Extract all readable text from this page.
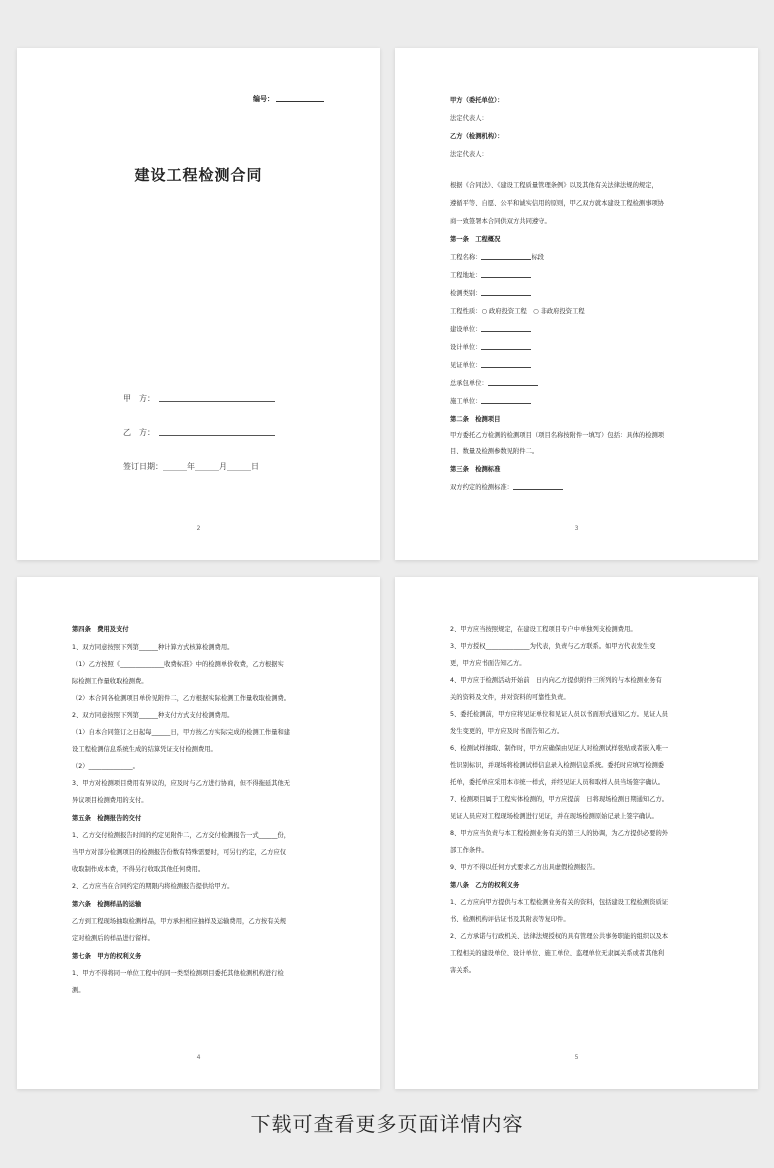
编号：
建设工程检测合同
甲　方：
乙　方：
签订日期：______年______月______日
2

甲方（委托单位）：

法定代表人：

乙方（检测机构）：

法定代表人：

根据《合同法》、《建设工程质量管理条例》以及其他有关法律法规的规定，

遵循平等、自愿、公平和诚实信用的原则，甲乙双方就本建设工程检测事项协

商一致签署本合同供双方共同遵守。

第一条　工程概况

工程名称：	标段

工程地址：

检测类别：

工程性质：○ 政府投资工程　○ 非政府投资工程

建设单位：

设计单位：

见证单位：

总承包单位：

施工单位：

第二条　检测项目

甲方委托乙方检测的检测项目（项目名称按附件一填写）包括：具体的检测项

目、数量及检测参数见附件二。

第三条　检测标准

双方约定的检测标准：

3

第四条　费用及支付

1、双方同意按照下列第______种计算方式核算检测费用。

（1）乙方按照《______________收费标准》中的检测单价收费，乙方根据实

际检测工作量收取检测费。

（2）本合同各检测项目单价见附件二，乙方根据实际检测工作量收取检测费。

2、双方同意按照下列第______种支付方式支付检测费用。

（1）自本合同签订之日起每______日，甲方按乙方实际完成的检测工作量和建

设工程检测信息系统生成的结算凭证支付检测费用。

（2）______________。

3、甲方对检测项目费用有异议的，应及时与乙方进行协商，但不得拖延其他无

异议项目检测费用的支付。

第五条　检测报告的交付

1、乙方交付检测报告时间的约定见附件二，乙方交付检测报告一式______份，

当甲方对部分检测项目的检测报告份数有特殊需要时，可另行约定，乙方应仅

收取制作成本费，不得另行收取其他任何费用。

2、乙方应当在合同约定的期限内将检测报告提供给甲方。

第六条　检测样品的运输

乙方到工程现场抽取检测样品，甲方承担相应抽样及运输费用，乙方按有关规

定对检测后的样品进行留样。

第七条　甲方的权利义务

1、甲方不得将同一单位工程中的同一类型检测项目委托其他检测机构进行检

测。

4

2、甲方应当按照规定，在建设工程项目专户中单独列支检测费用。

3、甲方授权______________为代表，负责与乙方联系。如甲方代表发生变

更，甲方应书面告知乙方。

4、甲方应于检测活动开始前　日内向乙方提供附件三所列的与本检测业务有

关的资料及文件，并对资料的可靠性负责。

5、委托检测前，甲方应将见证单位和见证人员以书面形式通知乙方。见证人员

发生变更的，甲方应及时书面告知乙方。

6、检测试样抽取、制作时，甲方应确保由见证人对检测试样张贴或者嵌入唯一

性识别标识，并现场将检测试样信息录入检测信息系统。委托时应填写检测委

托单，委托单应采用本市统一样式，并经见证人员和取样人员当场签字确认。

7、检测项目属于工程实体检测的，甲方应提前　日将现场检测日期通知乙方。

见证人员应对工程现场检测进行见证，并在现场检测原始记录上签字确认。

8、甲方应当负责与本工程检测业务有关的第三人的协调，为乙方提供必要的外

部工作条件。

9、甲方不得以任何方式要求乙方出具虚假检测报告。

第八条　乙方的权利义务

1、乙方应向甲方提供与本工程检测业务有关的资料，包括建设工程检测资质证

书、检测机构评估证书及其附表等复印件。

2、乙方承诺与行政机关、法律法规授权的具有管理公共事务职能的组织以及本

工程相关的建设单位、设计单位、施工单位、监理单位无隶属关系或者其他利

害关系。

5
下载可查看更多页面详情内容
